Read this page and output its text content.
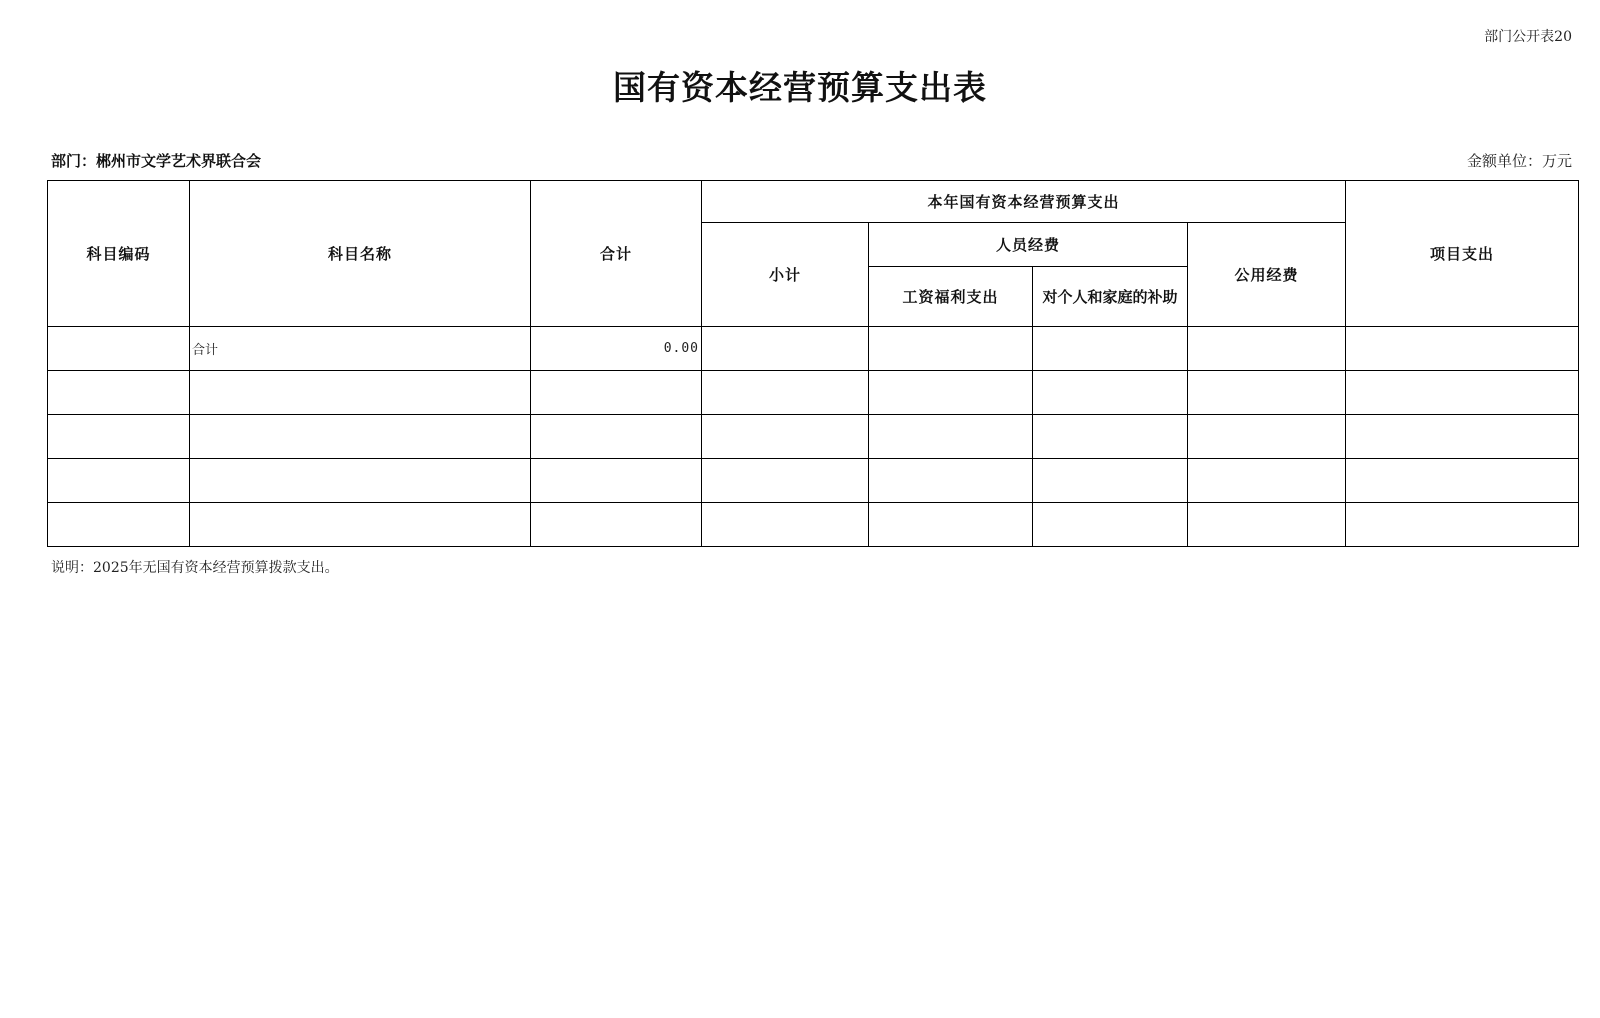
部门公开表20
国有资本经营预算支出表
部门：郴州市文学艺术界联合会	金额单位：万元
科目编码	科目名称	合计	本年国有资本经营预算支出				项目支出
			小计	人员经费		公用经费	
				工资福利支出	对个人和家庭的补助		
	合计	0.00					

说明：2025年无国有资本经营预算拨款支出。
